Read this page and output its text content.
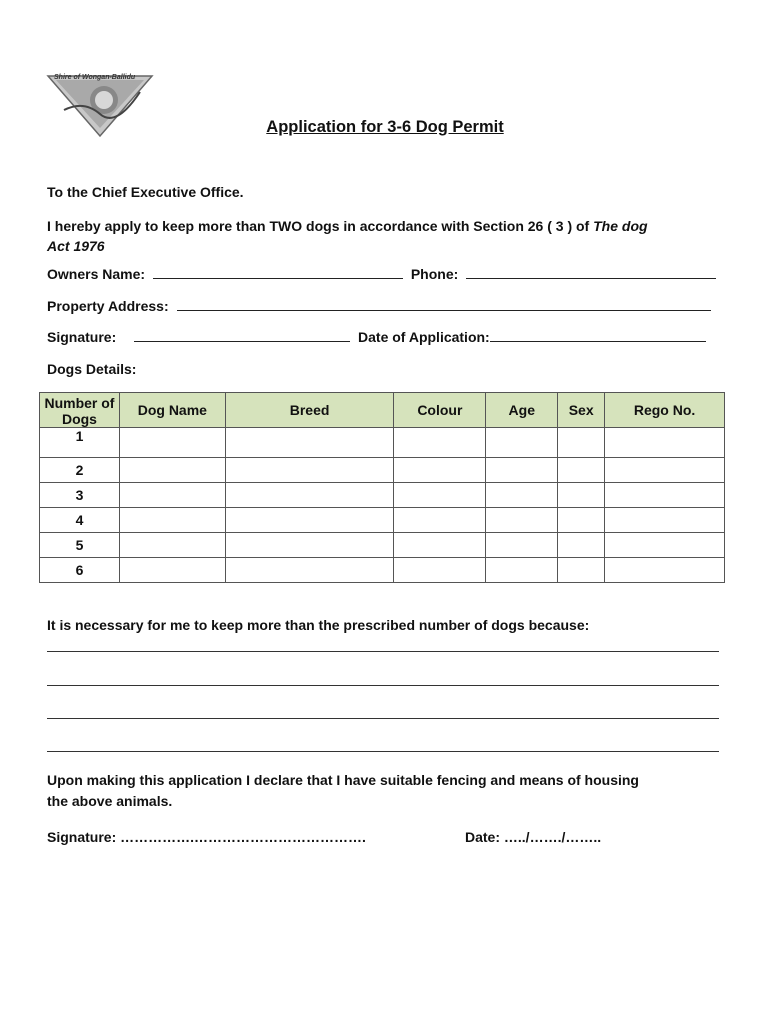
Shire of Wongan-Ballidu
Application for 3-6 Dog Permit
To the Chief Executive Office.
I hereby apply to keep more than TWO dogs in accordance with Section 26 ( 3 ) of The dog
Act 1976
Owners Name:	Phone:
Property Address:
Signature:	Date of Application:
Dogs Details:
Number of Dogs	Dog Name	Breed	Colour	Age	Sex	Rego No.
1						
2						
3						
4						
5						
6						
It is necessary for me to keep more than the prescribed number of dogs because:
Upon making this application I declare that I have suitable fencing and means of housing
the above animals.
Signature: …………….……………………………….	Date: …../……./……..
